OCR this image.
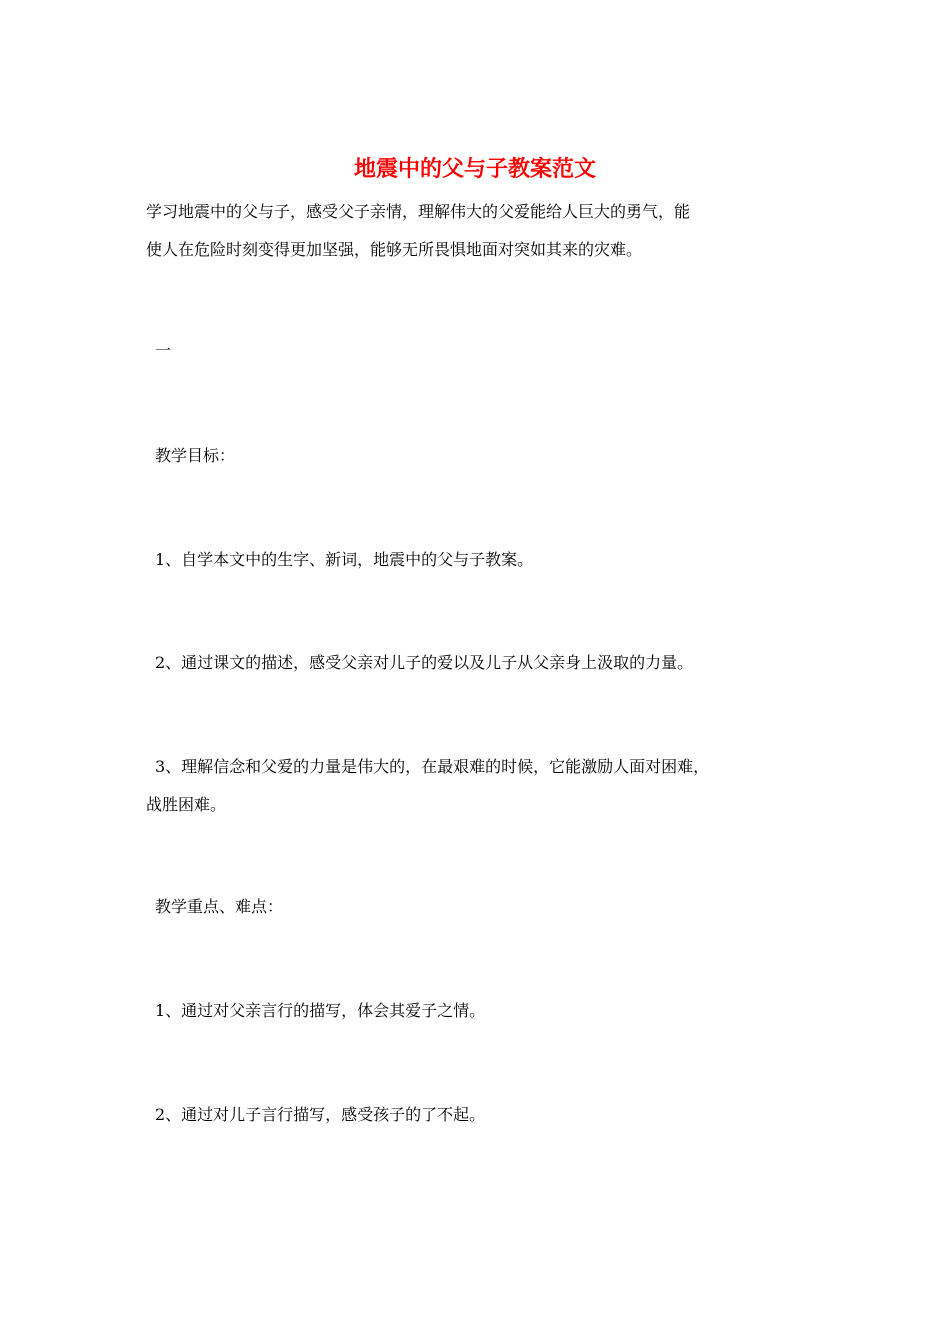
地震中的父与子教案范文
学习地震中的父与子，感受父子亲情，理解伟大的父爱能给人巨大的勇气，能
使人在危险时刻变得更加坚强，能够无所畏惧地面对突如其来的灾难。
一
教学目标：
1、自学本文中的生字、新词，地震中的父与子教案。
2、通过课文的描述，感受父亲对儿子的爱以及儿子从父亲身上汲取的力量。
3、理解信念和父爱的力量是伟大的，在最艰难的时候，它能激励人面对困难，
战胜困难。
教学重点、难点：
1、通过对父亲言行的描写，体会其爱子之情。
2、通过对儿子言行描写，感受孩子的了不起。
